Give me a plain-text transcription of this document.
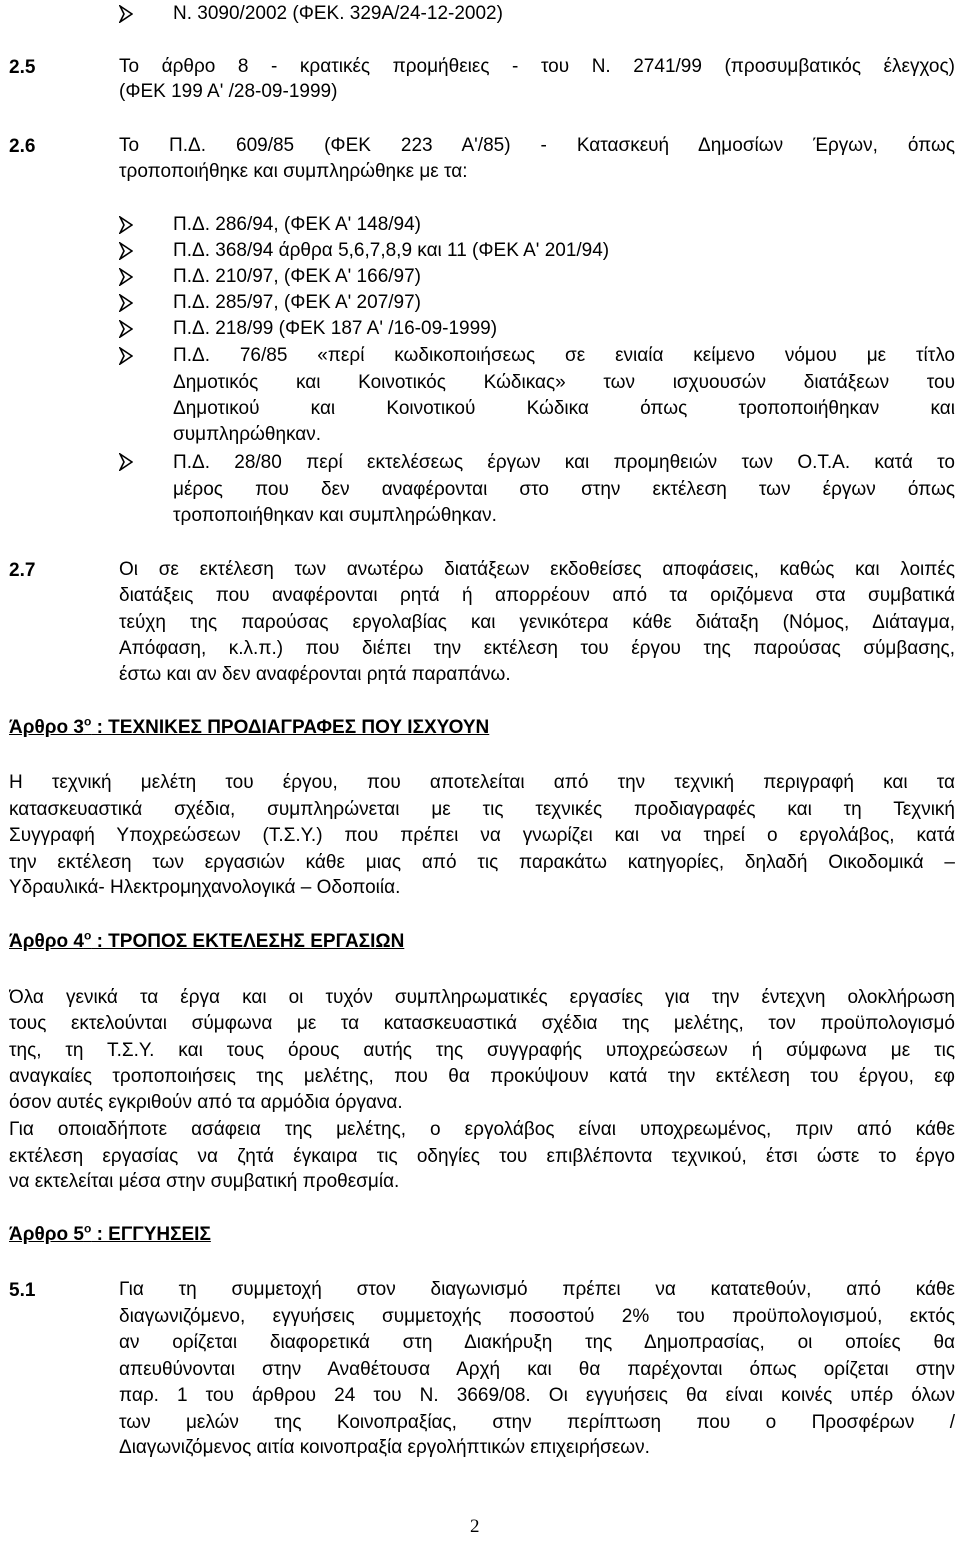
Ν. 3090/2002 (ΦΕΚ. 329Α/24-12-2002)
2.5	Το άρθρο 8 - κρατικές προμήθειες - του Ν. 2741/99 (προσυμβατικός έλεγχος)
(ΦΕΚ 199 Α' /28-09-1999)
2.6	Το Π.Δ. 609/85 (ΦΕΚ 223 Α'/85) - Κατασκευή Δημοσίων Έργων, όπως
τροποποιήθηκε και συμπληρώθηκε με τα:
Π.Δ. 286/94, (ΦΕΚ Α' 148/94)
Π.Δ. 368/94 άρθρα 5,6,7,8,9 και 11 (ΦΕΚ Α' 201/94)
Π.Δ. 210/97, (ΦΕΚ Α' 166/97)
Π.Δ. 285/97, (ΦΕΚ Α' 207/97)
Π.Δ. 218/99 (ΦΕΚ 187 Α' /16-09-1999)
Π.Δ. 76/85 «περί κωδικοποιήσεως σε ενιαία κείμενο νόμου με τίτλο
Δημοτικός και Κοινοτικός Κώδικας» των ισχυουσών διατάξεων του
Δημοτικού και Κοινοτικού Κώδικα όπως τροποποιήθηκαν και
συμπληρώθηκαν.
Π.Δ. 28/80 περί εκτελέσεως έργων και προμηθειών των Ο.Τ.Α. κατά το
μέρος που δεν αναφέρονται στο στην εκτέλεση των έργων όπως
τροποποιήθηκαν και συμπληρώθηκαν.
2.7	Οι σε εκτέλεση των ανωτέρω διατάξεων εκδοθείσες αποφάσεις, καθώς και λοιπές
διατάξεις που αναφέρονται ρητά ή απορρέουν από τα οριζόμενα στα συμβατικά
τεύχη της παρούσας εργολαβίας και γενικότερα κάθε διάταξη (Νόμος, Διάταγμα,
Απόφαση, κ.λ.π.) που διέπει την εκτέλεση του έργου της παρούσας σύμβασης,
έστω και αν δεν αναφέρονται ρητά παραπάνω.
Άρθρο $3^o$ : ΤΕΧΝΙΚΕΣ ΠΡΟΔΙΑΓΡΑΦΕΣ ΠΟΥ ΙΣΧΥΟΥΝ
Η τεχνική μελέτη του έργου, που αποτελείται από την τεχνική περιγραφή και τα
κατασκευαστικά σχέδια, συμπληρώνεται με τις τεχνικές προδιαγραφές και τη Τεχνική
Συγγραφή Υποχρεώσεων (Τ.Σ.Υ.) που πρέπει να γνωρίζει και να τηρεί ο εργολάβος, κατά
την εκτέλεση των εργασιών κάθε μιας από τις παρακάτω κατηγορίες, δηλαδή Οικοδομικά –
Υδραυλικά- Ηλεκτρομηχανολογικά – Οδοποιία.
Άρθρο $4^o$ : ΤΡΟΠΟΣ ΕΚΤΕΛΕΣΗΣ ΕΡΓΑΣΙΩΝ
Όλα γενικά τα έργα και οι τυχόν συμπληρωματικές εργασίες για την έντεχνη ολοκλήρωση
τους εκτελούνται σύμφωνα με τα κατασκευαστικά σχέδια της μελέτης, τον προϋπολογισμό
της, τη Τ.Σ.Υ. και τους όρους αυτής της συγγραφής υποχρεώσεων ή σύμφωνα με τις
αναγκαίες τροποποιήσεις της μελέτης, που θα προκύψουν κατά την εκτέλεση του έργου, εφ
όσον αυτές εγκριθούν από τα αρμόδια όργανα.
Για οποιαδήποτε ασάφεια της μελέτης, ο εργολάβος είναι υποχρεωμένος, πριν από κάθε
εκτέλεση εργασίας να ζητά έγκαιρα τις οδηγίες του επιβλέποντα τεχνικού, έτσι ώστε το έργο
να εκτελείται μέσα στην συμβατική προθεσμία.
Άρθρο $5^o$ : ΕΓΓΥΗΣΕΙΣ
5.1	Για τη συμμετοχή στον διαγωνισμό πρέπει να κατατεθούν, από κάθε
διαγωνιζόμενο, εγγυήσεις συμμετοχής ποσοστού 2% του προϋπολογισμού, εκτός
αν ορίζεται διαφορετικά στη Διακήρυξη της Δημοπρασίας, οι οποίες θα
απευθύνονται στην Αναθέτουσα Αρχή και θα παρέχονται όπως ορίζεται στην
παρ. 1 του άρθρου 24 του Ν. 3669/08. Οι εγγυήσεις θα είναι κοινές υπέρ όλων
των μελών της Κοινοπραξίας, στην περίπτωση που ο Προσφέρων /
Διαγωνιζόμενος αιτία κοινοπραξία εργολήπτικών επιχειρήσεων.
2
